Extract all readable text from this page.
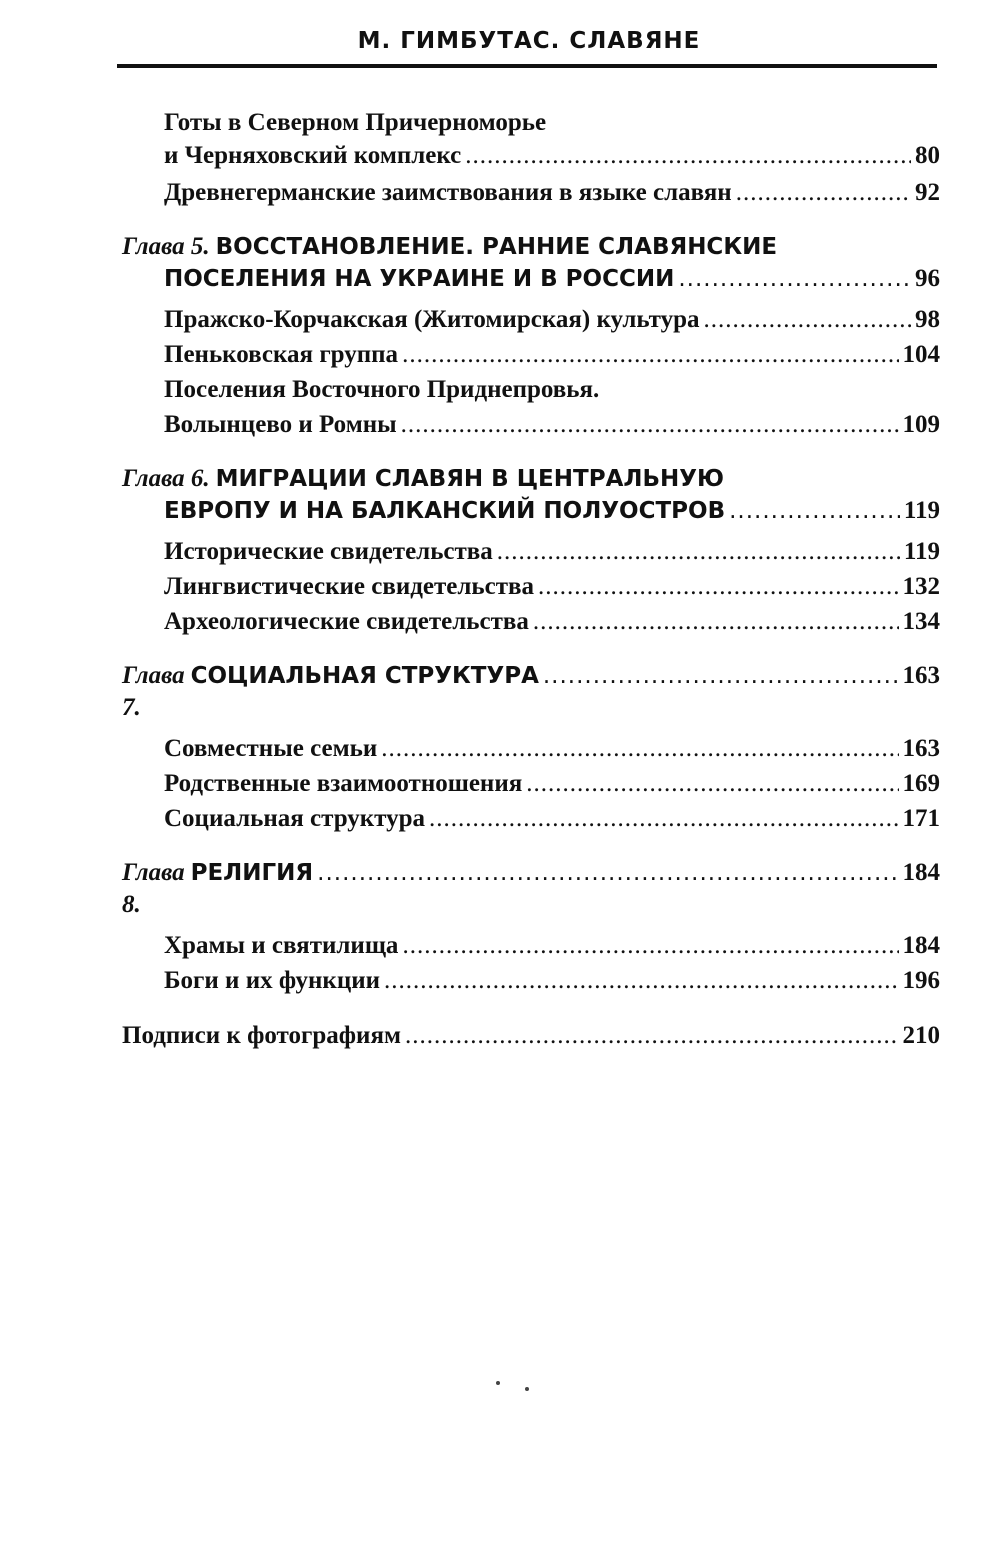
М. ГИМБУТАС. СЛАВЯНЕ
Готы в Северном Причерноморье
и Черняховский комплекс .....	80
Древнегерманские заимствования в языке славян .....	92
Глава 5. ВОССТАНОВЛЕНИЕ. РАННИЕ СЛАВЯНСКИЕ
ПОСЕЛЕНИЯ НА УКРАИНЕ И В РОССИИ .....	96
Пражско-Корчакская (Житомирская) культура .....	98
Пеньковская группа .....	104
Поселения Восточного Приднепровья.
Волынцево и Ромны .....	109
Глава 6. МИГРАЦИИ СЛАВЯН В ЦЕНТРАЛЬНУЮ
ЕВРОПУ И НА БАЛКАНСКИЙ ПОЛУОСТРОВ .....	119
Исторические свидетельства .....	119
Лингвистические свидетельства .....	132
Археологические свидетельства .....	134
Глава 7.
СОЦИАЛЬНАЯ СТРУКТУРА .....	163
Совместные семьи .....	163
Родственные взаимоотношения .....	169
Социальная структура .....	171
Глава 8.
РЕЛИГИЯ .....	184
Храмы и святилища .....	184
Боги и их функции .....	196
Подписи к фотографиям .....	210
